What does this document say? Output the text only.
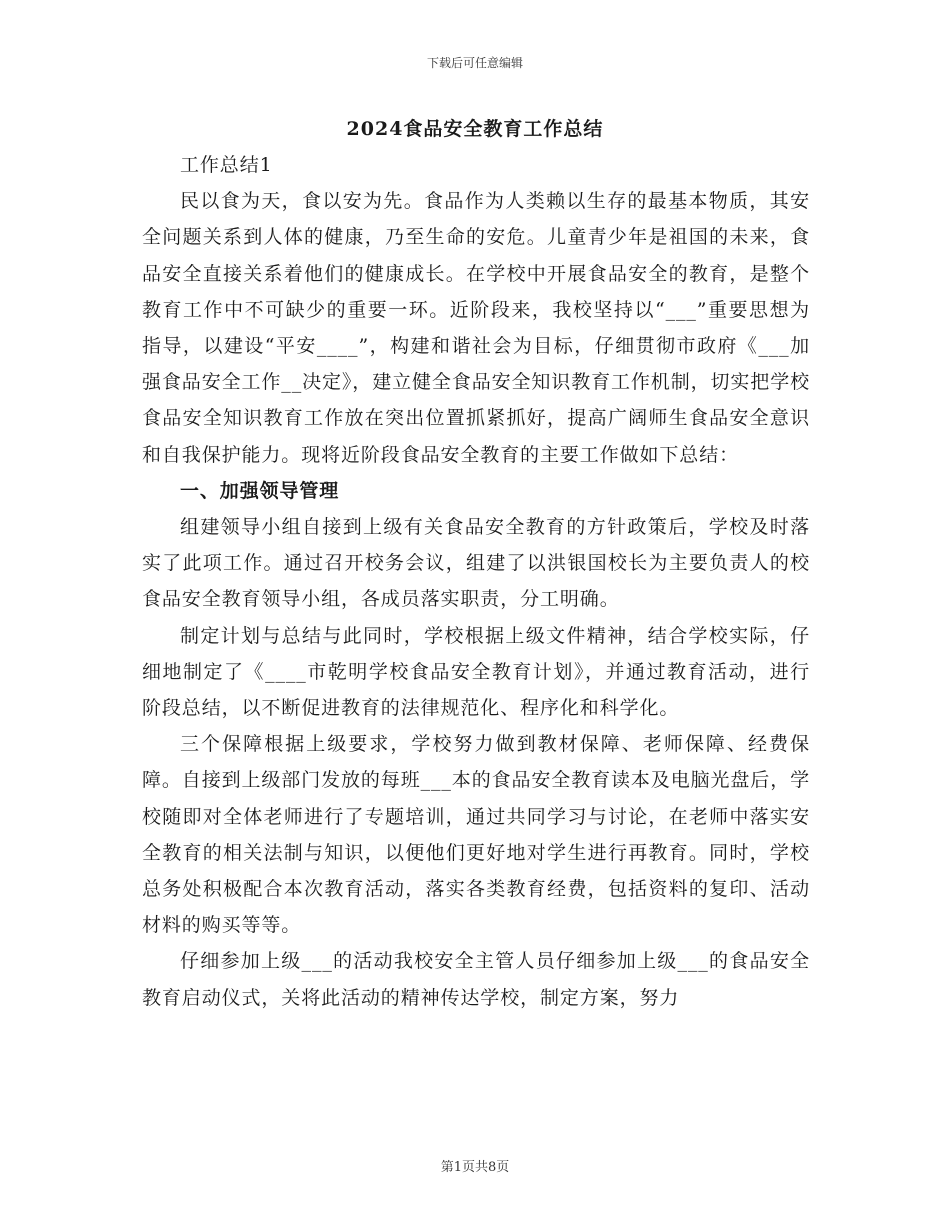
下载后可任意编辑
2024食品安全教育工作总结

工作总结1

民以食为天，食以安为先。食品作为人类赖以生存的最基本物质，其安全问题关系到人体的健康，乃至生命的安危。儿童青少年是祖国的未来，食品安全直接关系着他们的健康成长。在学校中开展食品安全的教育，是整个教育工作中不可缺少的重要一环。近阶段来，我校坚持以“___”重要思想为指导，以建设“平安____”，构建和谐社会为目标，仔细贯彻市政府《___加强食品安全工作__决定》，建立健全食品安全知识教育工作机制，切实把学校食品安全知识教育工作放在突出位置抓紧抓好，提高广阔师生食品安全意识和自我保护能力。现将近阶段食品安全教育的主要工作做如下总结：

一、加强领导管理

组建领导小组自接到上级有关食品安全教育的方针政策后，学校及时落实了此项工作。通过召开校务会议，组建了以洪银国校长为主要负责人的校食品安全教育领导小组，各成员落实职责，分工明确。

制定计划与总结与此同时，学校根据上级文件精神，结合学校实际，仔细地制定了《____市乾明学校食品安全教育计划》，并通过教育活动，进行阶段总结，以不断促进教育的法律规范化、程序化和科学化。

三个保障根据上级要求，学校努力做到教材保障、老师保障、经费保障。自接到上级部门发放的每班___本的食品安全教育读本及电脑光盘后，学校随即对全体老师进行了专题培训，通过共同学习与讨论，在老师中落实安全教育的相关法制与知识，以便他们更好地对学生进行再教育。同时，学校总务处积极配合本次教育活动，落实各类教育经费，包括资料的复印、活动材料的购买等等。

仔细参加上级___的活动我校安全主管人员仔细参加上级___的食品安全教育启动仪式，关将此活动的精神传达学校，制定方案，努力

第1页共8页
